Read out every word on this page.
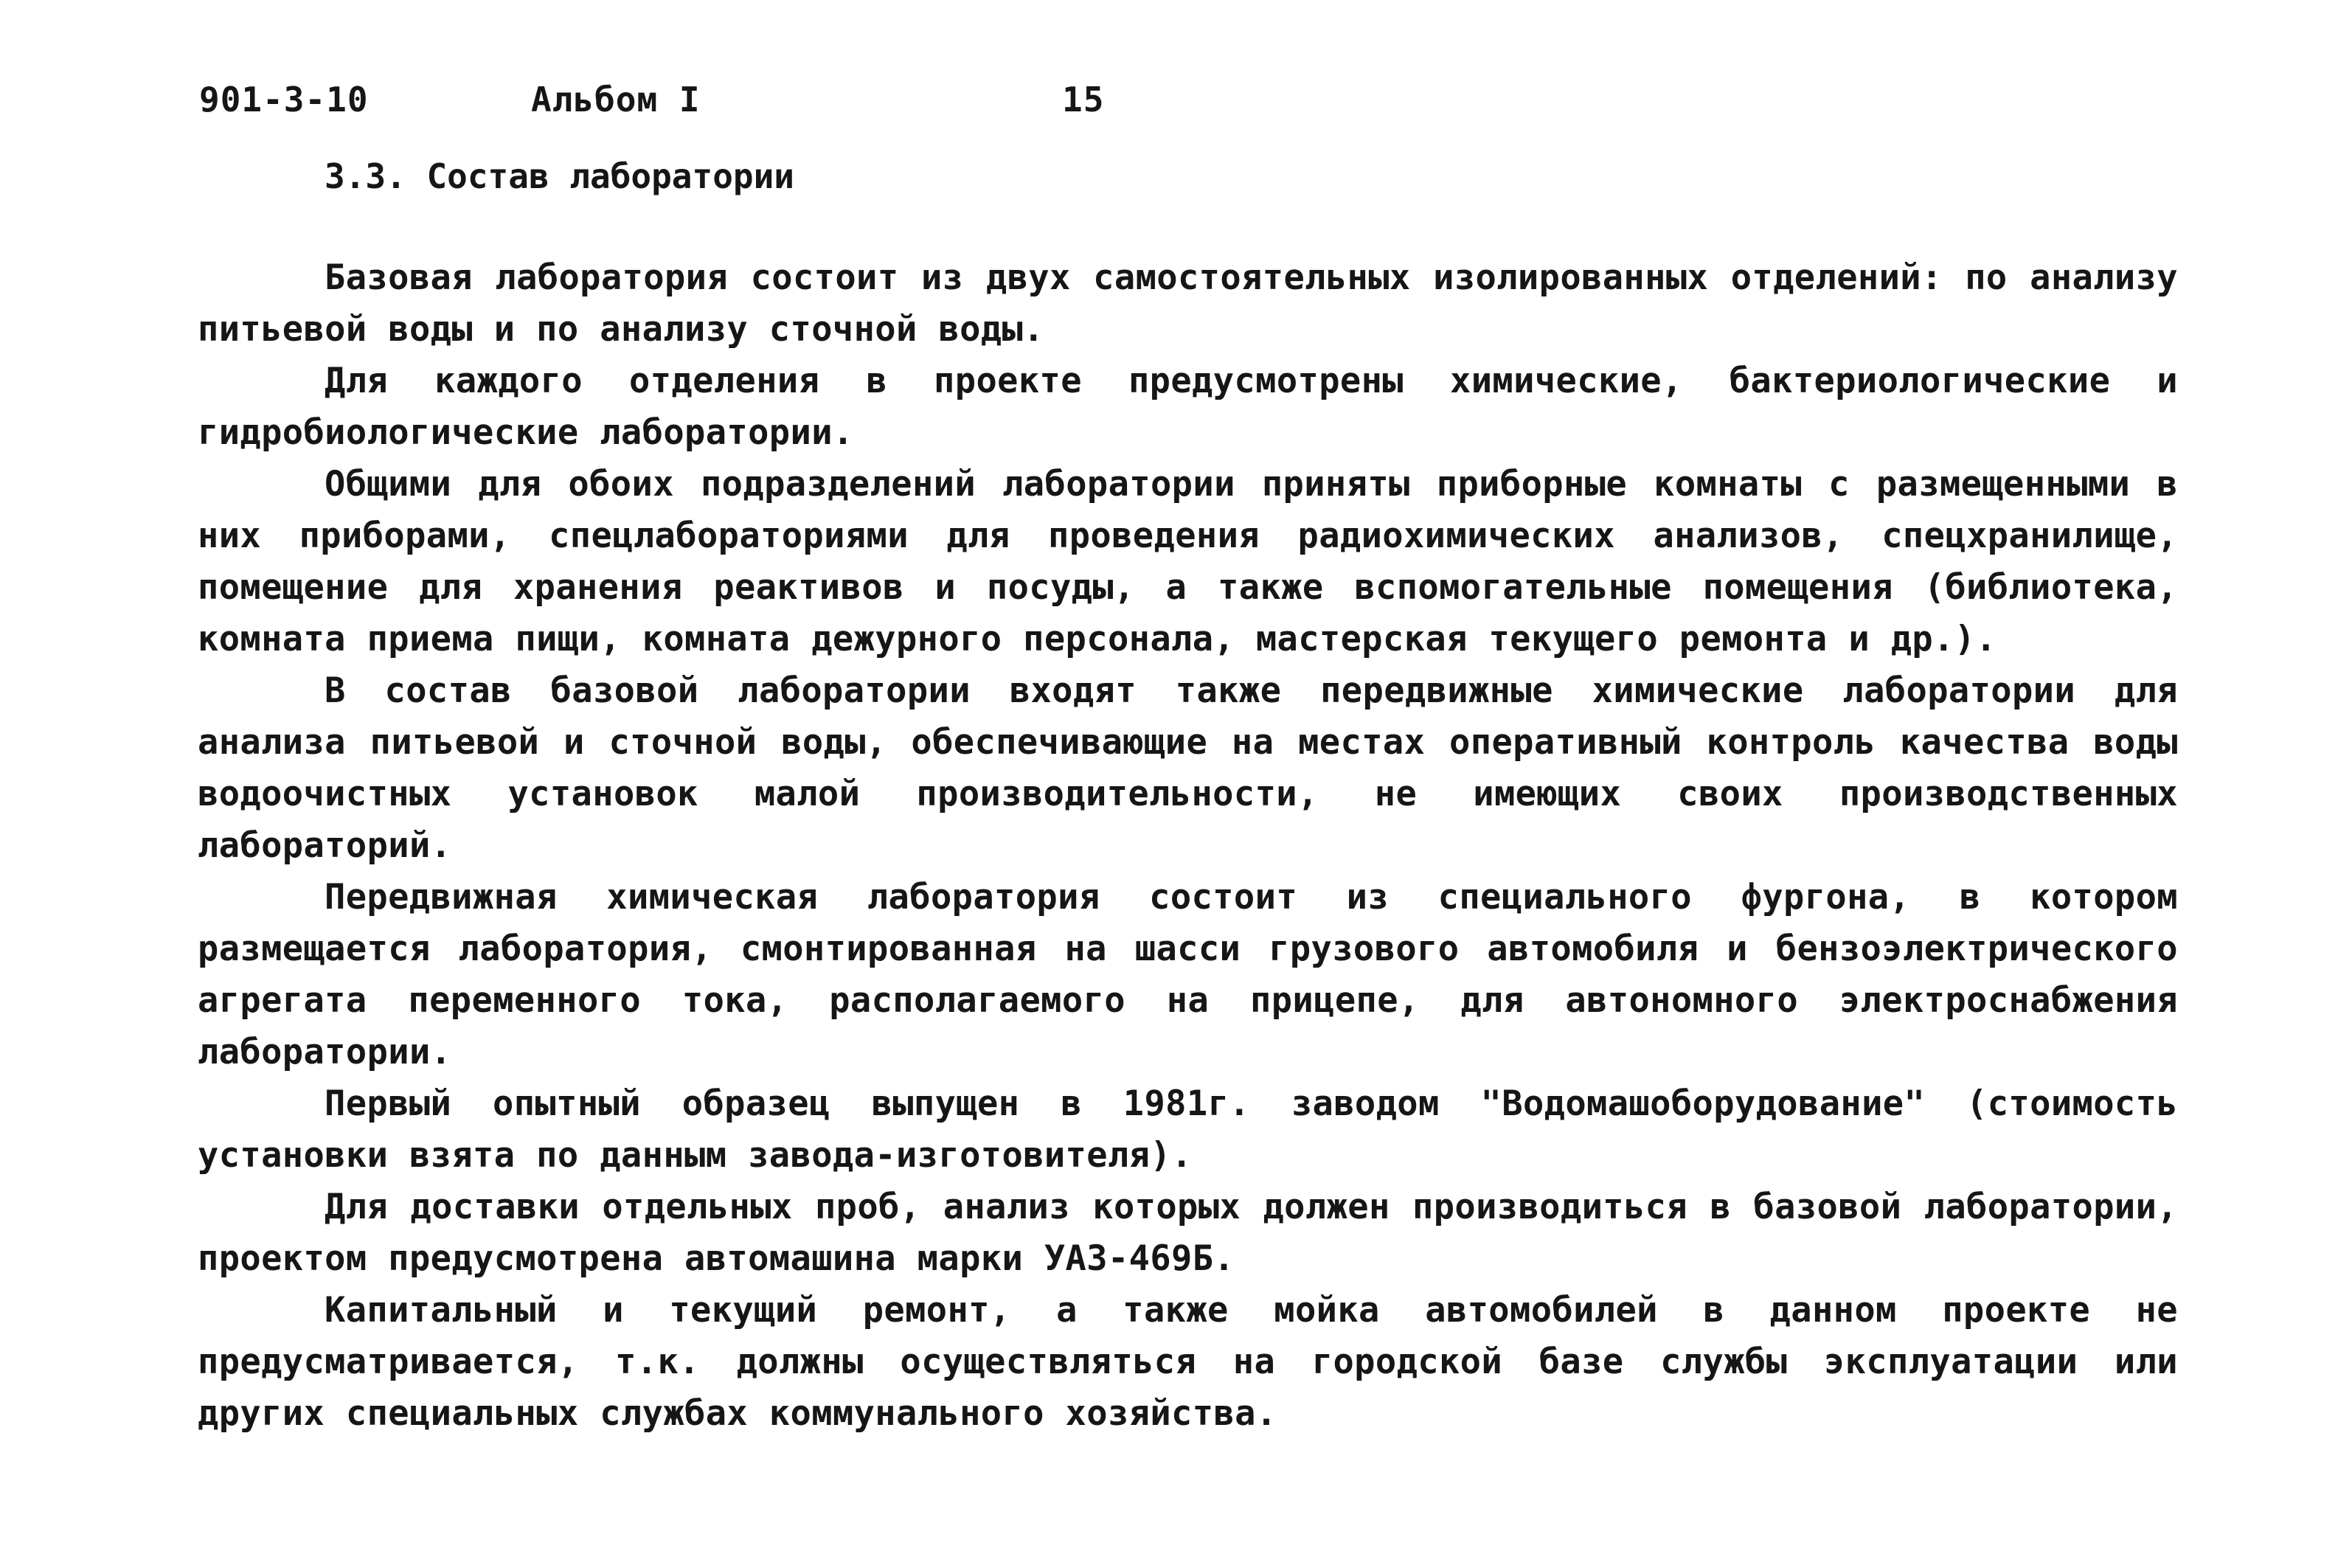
901-3-10	Альбом I	15
3.3. Состав лаборатории

Базовая лаборатория состоит из двух самостоятельных изолированных отделений: по анализу питьевой воды и по анализу сточной воды.

Для каждого отделения в проекте предусмотрены химические, бактериологические и гидробиологические лаборатории.

Общими для обоих подразделений лаборатории приняты приборные комнаты с размещенными в них приборами, спецлабораториями для проведения радиохимических анализов, спецхранилище, помещение для хранения реактивов и посуды, а также вспомогательные помещения (библиотека, комната приема пищи, комната дежурного персонала, мастерская текущего ремонта и др.).

В состав базовой лаборатории входят также передвижные химические лаборатории для анализа питьевой и сточной воды, обеспечивающие на местах оперативный контроль качества воды водоочистных установок малой производительности, не имеющих своих производственных лабораторий.

Передвижная химическая лаборатория состоит из специального фургона, в котором размещается лаборатория, смонтированная на шасси грузового автомобиля и бензоэлектрического агрегата переменного тока, располагаемого на прицепе, для автономного электроснабжения лаборатории.

Первый опытный образец выпущен в 1981г. заводом "Водомашоборудование" (стоимость установки взята по данным завода-изготовителя).

Для доставки отдельных проб, анализ которых должен производиться в базовой лаборатории, проектом предусмотрена автомашина марки УАЗ-469Б.

Капитальный и текущий ремонт, а также мойка автомобилей в данном проекте не предусматривается, т.к. должны осуществляться на городской базе службы эксплуатации или других специальных службах коммунального хозяйства.
